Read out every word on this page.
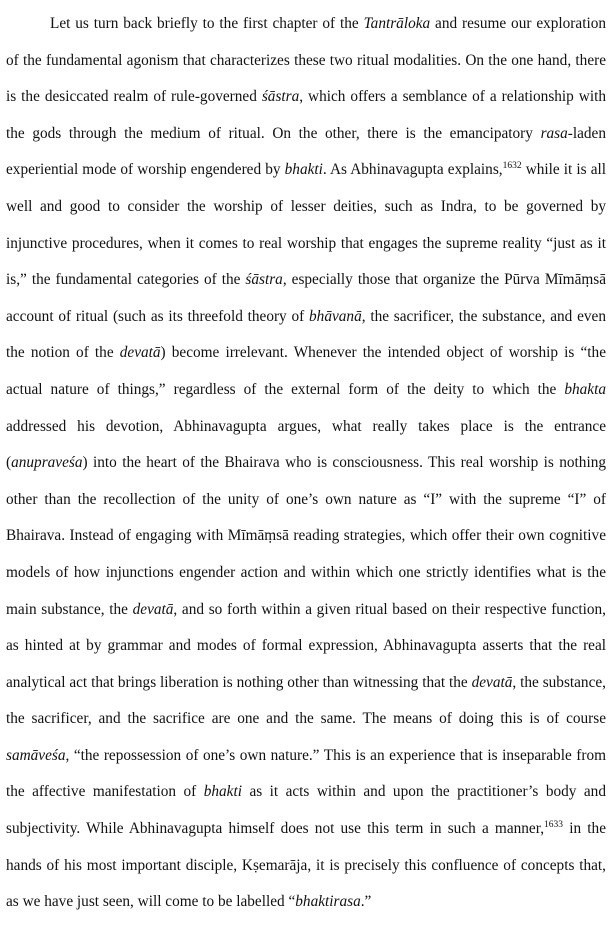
Let us turn back briefly to the first chapter of the Tantrāloka and resume our exploration of the fundamental agonism that characterizes these two ritual modalities. On the one hand, there is the desiccated realm of rule-governed śāstra, which offers a semblance of a relationship with the gods through the medium of ritual. On the other, there is the emancipatory rasa-laden experiential mode of worship engendered by bhakti. As Abhinavagupta explains,$^{1632}$ while it is all well and good to consider the worship of lesser deities, such as Indra, to be governed by injunctive procedures, when it comes to real worship that engages the supreme reality “just as it is,” the fundamental categories of the śāstra, especially those that organize the Pūrva Mīmāṃsā account of ritual (such as its threefold theory of bhāvanā, the sacrificer, the substance, and even the notion of the devatā) become irrelevant. Whenever the intended object of worship is “the actual nature of things,” regardless of the external form of the deity to which the bhakta addressed his devotion, Abhinavagupta argues, what really takes place is the entrance (anupraveśa) into the heart of the Bhairava who is consciousness. This real worship is nothing other than the recollection of the unity of one’s own nature as “I” with the supreme “I” of Bhairava. Instead of engaging with Mīmāṃsā reading strategies, which offer their own cognitive models of how injunctions engender action and within which one strictly identifies what is the main substance, the devatā, and so forth within a given ritual based on their respective function, as hinted at by grammar and modes of formal expression, Abhinavagupta asserts that the real analytical act that brings liberation is nothing other than witnessing that the devatā, the substance, the sacrificer, and the sacrifice are one and the same. The means of doing this is of course samāveśa, “the repossession of one’s own nature.” This is an experience that is inseparable from the affective manifestation of bhakti as it acts within and upon the practitioner’s body and subjectivity. While Abhinavagupta himself does not use this term in such a manner,$^{1633}$ in the hands of his most important disciple, Kṣemarāja, it is precisely this confluence of concepts that, as we have just seen, will come to be labelled “bhaktirasa.”
